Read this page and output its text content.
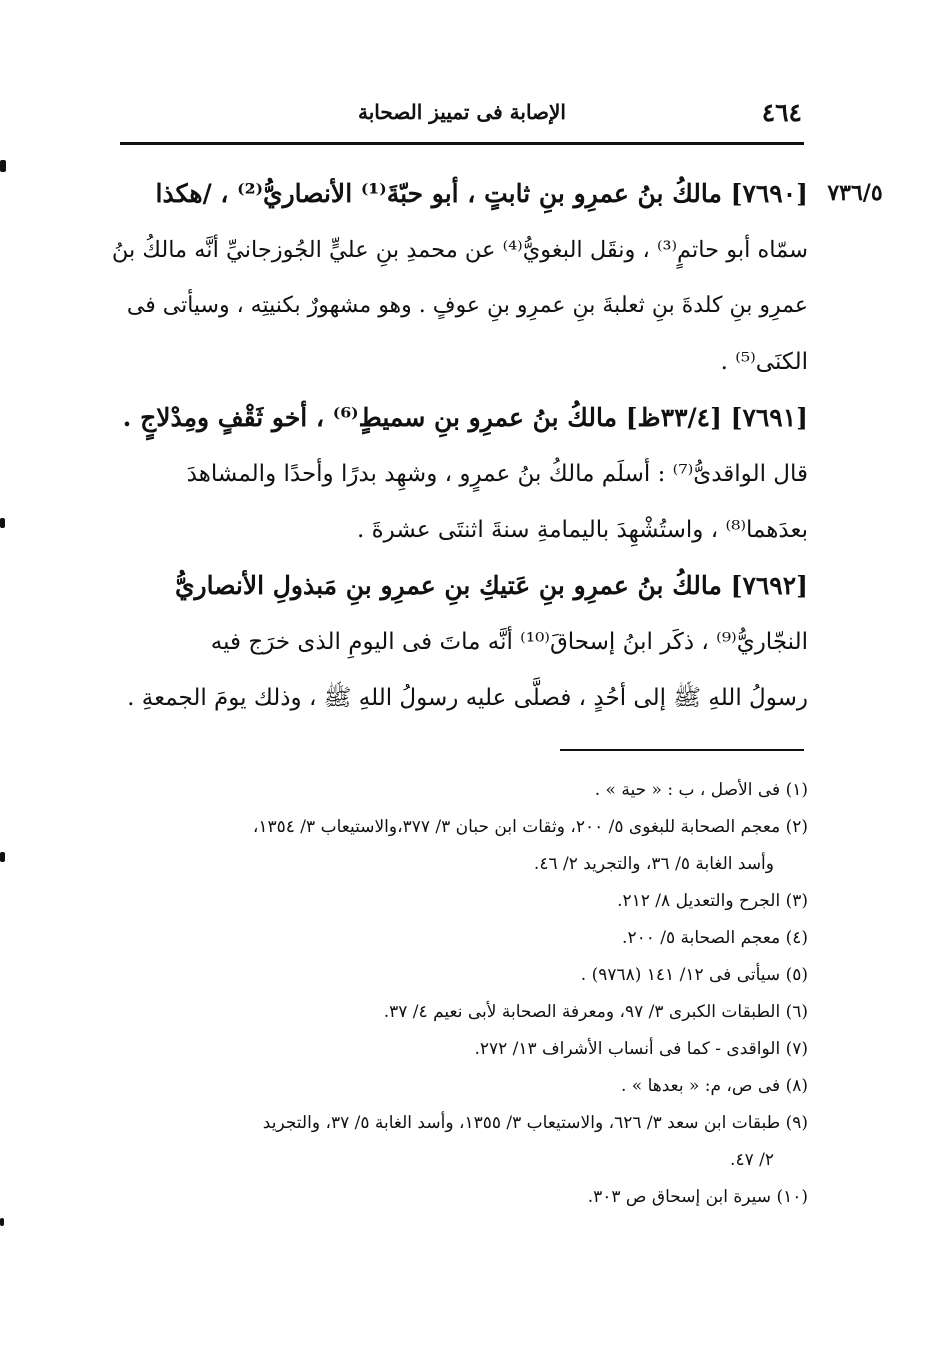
٤٦٤
الإصابة فى تمييز الصحابة
٧٣٦/٥
[٧٦٩٠] مالكُ بنُ عمرِو بنِ ثابتٍ ، أبو حبّةَ⁽¹⁾ الأنصاريُّ⁽²⁾ ، /هكذا
سمّاه أبو حاتمٍ⁽³⁾ ، ونقَل البغويُّ⁽⁴⁾ عن محمدِ بنِ عليٍّ الجُوزجانيِّ أنَّه مالكُ بنُ
عمرِو بنِ كلدةَ بنِ ثعلبةَ بنِ عمرِو بنِ عوفٍ . وهو مشهورٌ بكنيتِه ، وسيأتى فى
الكنَى⁽⁵⁾ .
[٧٦٩١] [٣٣/٤ظ] مالكُ بنُ عمرِو بنِ سميطٍ⁽⁶⁾ ، أخو ثَقْفٍ ومِدْلاجٍ .
قال الواقدىُّ⁽⁷⁾ : أسلَم مالكُ بنُ عمرٍو ، وشهِد بدرًا وأحدًا والمشاهدَ
بعدَهما⁽⁸⁾ ، واستُشْهِدَ باليمامةِ سنةَ اثنتَى عشرةَ .
[٧٦٩٢] مالكُ بنُ عمرِو بنِ عَتيكِ بنِ عمرِو بنِ مَبذولِ الأنصاريُّ
النجّاريُّ⁽⁹⁾ ، ذكَر ابنُ إسحاقَ⁽¹⁰⁾ أنَّه ماتَ فى اليومِ الذى خرَج فيه
رسولُ اللهِ ﷺ إلى أحُدٍ ، فصلَّى عليه رسولُ اللهِ ﷺ ، وذلك يومَ الجمعةِ .
(١) فى الأصل ، ب : « حية » .
(٢) معجم الصحابة للبغوى ٥/ ٢٠٠، وثقات ابن حبان ٣/ ٣٧٧،والاستيعاب ٣/ ١٣٥٤،
وأسد الغابة ٥/ ٣٦، والتجريد ٢/ ٤٦.
(٣) الجرح والتعديل ٨/ ٢١٢.
(٤) معجم الصحابة ٥/ ٢٠٠.
(٥) سيأتى فى ١٢/ ١٤١ (٩٧٦٨) .
(٦) الطبقات الكبرى ٣/ ٩٧، ومعرفة الصحابة لأبى نعيم ٤/ ٣٧.
(٧) الواقدى - كما فى أنساب الأشراف ١٣/ ٢٧٢.
(٨) فى ص، م: « بعدها » .
(٩) طبقات ابن سعد ٣/ ٦٢٦، والاستيعاب ٣/ ١٣٥٥، وأسد الغابة ٥/ ٣٧، والتجريد
٢/ ٤٧.
(١٠) سيرة ابن إسحاق ص ٣٠٣.
